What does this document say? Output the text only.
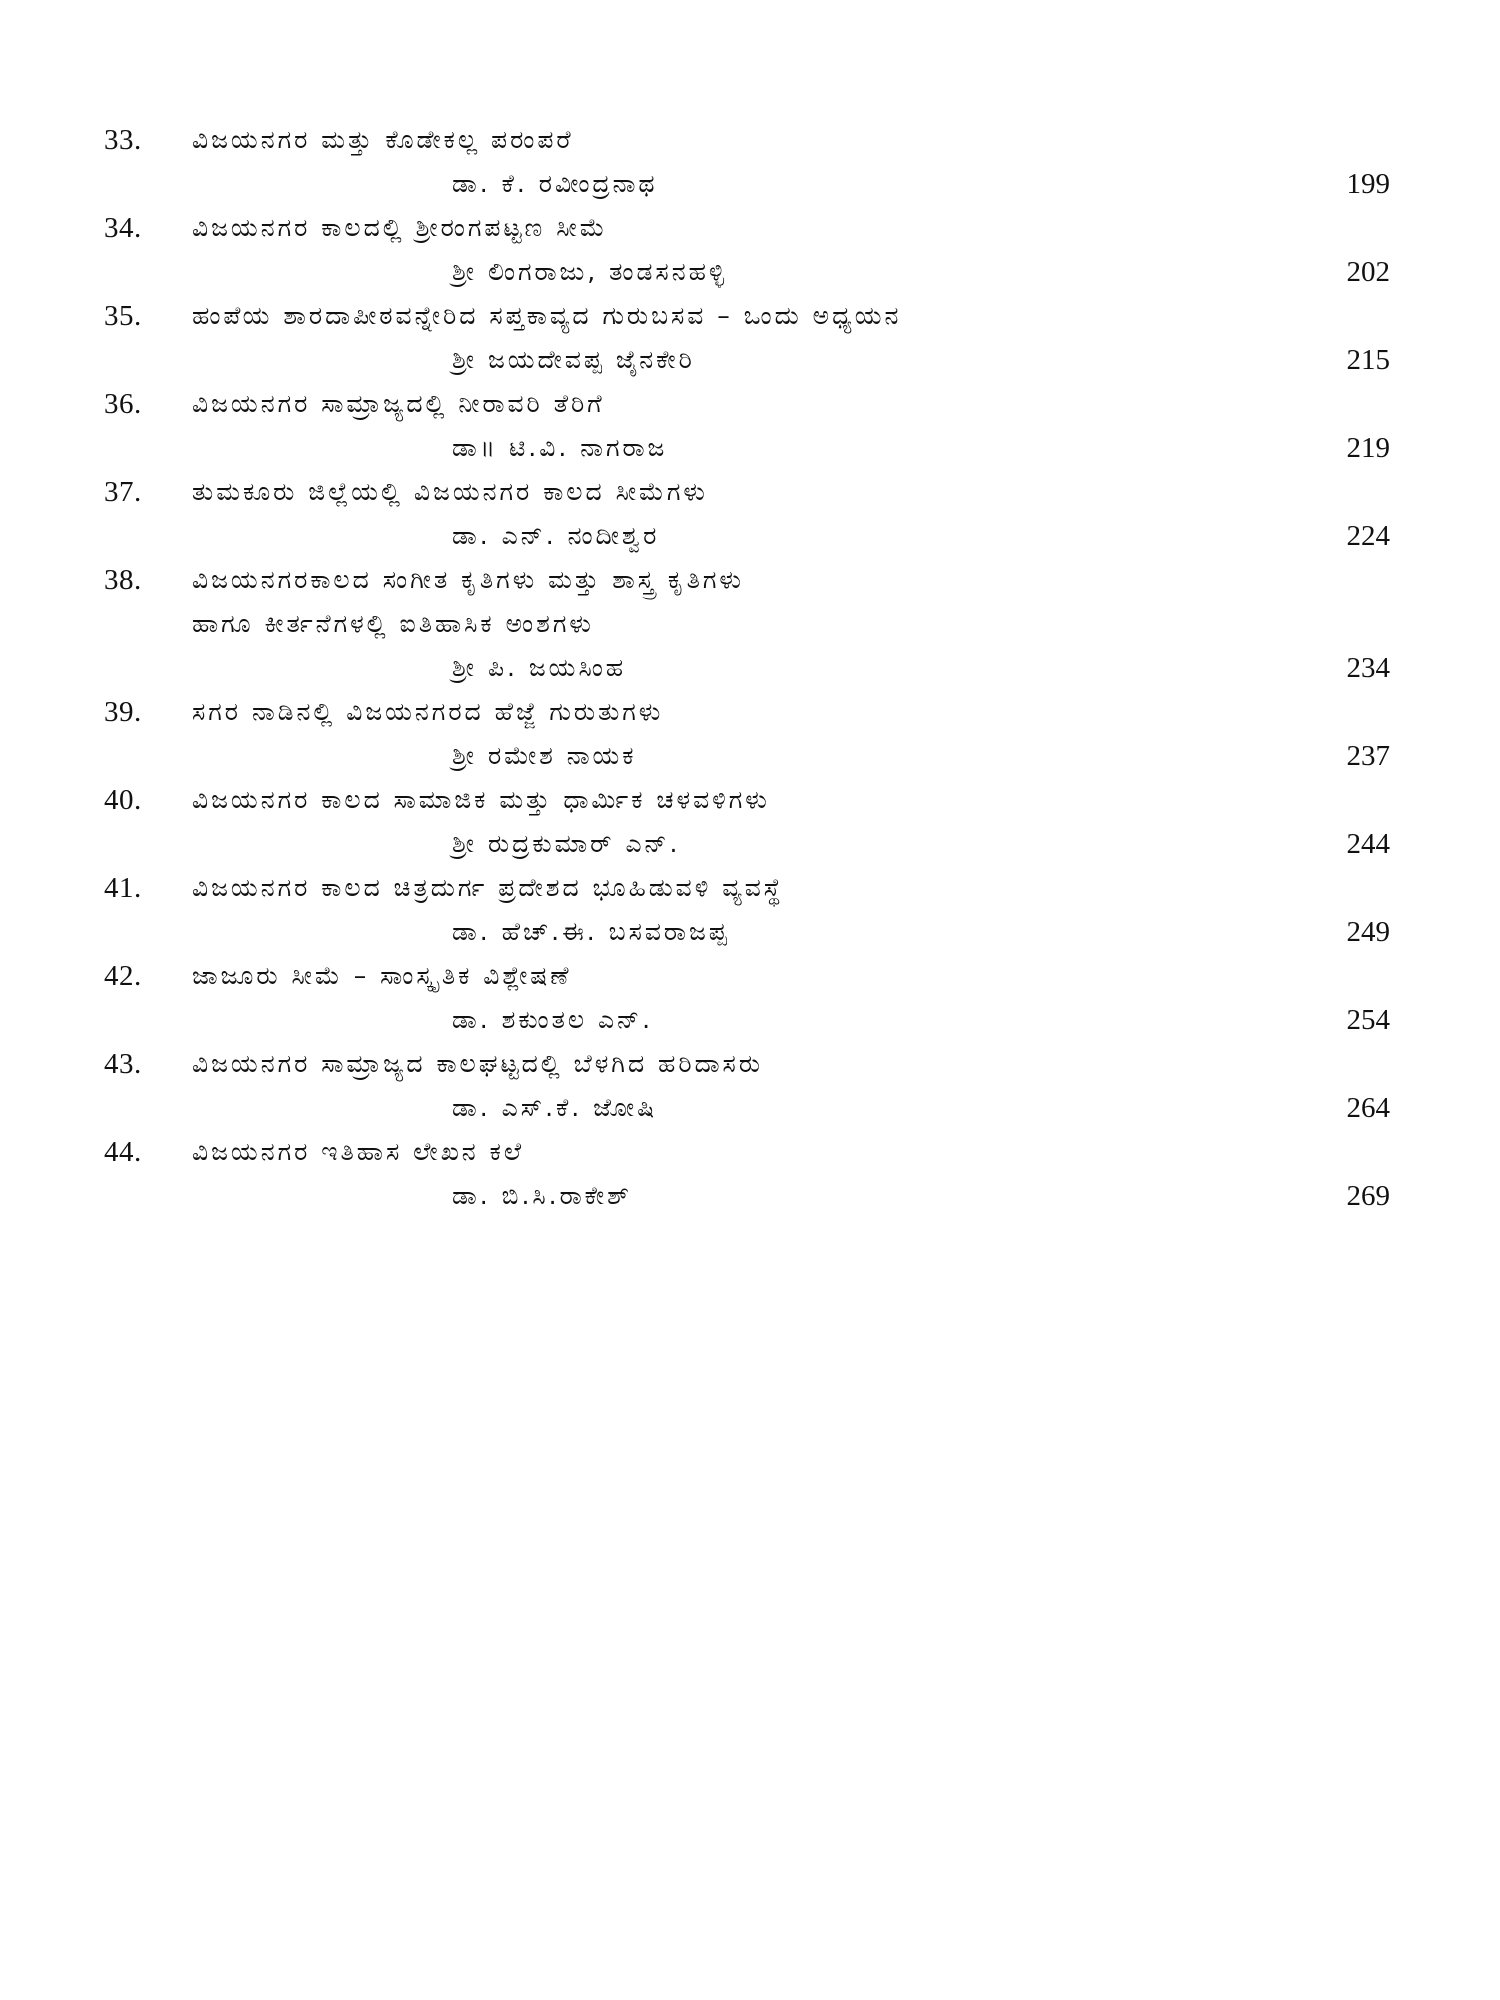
33. ವಿಜಯನಗರ ಮತ್ತು ಕೊಡೇಕಲ್ಲ ಪರಂಪರೆ
ಡಾ. ಕೆ. ರವೀಂದ್ರನಾಥ	199
34. ವಿಜಯನಗರ ಕಾಲದಲ್ಲಿ ಶ್ರೀರಂಗಪಟ್ಟಣ ಸೀಮೆ
ಶ್ರೀ ಲಿಂಗರಾಜು, ತಂಡಸನಹಳ್ಳಿ	202
35. ಹಂಪೆಯ ಶಾರದಾಪೀಠವನ್ನೇರಿದ ಸಪ್ತಕಾವ್ಯದ ಗುರುಬಸವ – ಒಂದು ಅಧ್ಯಯನ
ಶ್ರೀ ಜಯದೇವಪ್ಪ ಜೈನಕೇರಿ	215
36. ವಿಜಯನಗರ ಸಾಮ್ರಾಜ್ಯದಲ್ಲಿ ನೀರಾವರಿ ತೆರಿಗೆ
ಡಾ॥ ಟಿ.ವಿ. ನಾಗರಾಜ	219
37. ತುಮಕೂರು ಜಿಲ್ಲೆಯಲ್ಲಿ ವಿಜಯನಗರ ಕಾಲದ ಸೀಮೆಗಳು
ಡಾ. ಎನ್. ನಂದೀಶ್ವರ	224
38. ವಿಜಯನಗರಕಾಲದ ಸಂಗೀತ ಕೃತಿಗಳು ಮತ್ತು ಶಾಸ್ತ್ರ ಕೃತಿಗಳು
ಹಾಗೂ ಕೀರ್ತನೆಗಳಲ್ಲಿ ಐತಿಹಾಸಿಕ ಅಂಶಗಳು
ಶ್ರೀ ಪಿ. ಜಯಸಿಂಹ	234
39. ಸಗರ ನಾಡಿನಲ್ಲಿ ವಿಜಯನಗರದ ಹೆಜ್ಜೆ ಗುರುತುಗಳು
ಶ್ರೀ ರಮೇಶ ನಾಯಕ	237
40. ವಿಜಯನಗರ ಕಾಲದ ಸಾಮಾಜಿಕ ಮತ್ತು ಧಾರ್ಮಿಕ ಚಳವಳಿಗಳು
ಶ್ರೀ ರುದ್ರಕುಮಾರ್ ಎನ್.	244
41. ವಿಜಯನಗರ ಕಾಲದ ಚಿತ್ರದುರ್ಗ ಪ್ರದೇಶದ ಭೂಹಿಡುವಳಿ ವ್ಯವಸ್ಥೆ
ಡಾ. ಹೆಚ್.ಈ. ಬಸವರಾಜಪ್ಪ	249
42. ಜಾಜೂರು ಸೀಮೆ – ಸಾಂಸ್ಕೃತಿಕ ವಿಶ್ಲೇಷಣೆ
ಡಾ. ಶಕುಂತಲ ಎನ್.	254
43. ವಿಜಯನಗರ ಸಾಮ್ರಾಜ್ಯದ ಕಾಲಘಟ್ಟದಲ್ಲಿ ಬೆಳಗಿದ ಹರಿದಾಸರು
ಡಾ. ಎಸ್.ಕೆ. ಜೋಷಿ	264
44. ವಿಜಯನಗರ ಇತಿಹಾಸ ಲೇಖನ ಕಲೆ
ಡಾ. ಬಿ.ಸಿ.ರಾಕೇಶ್	269
